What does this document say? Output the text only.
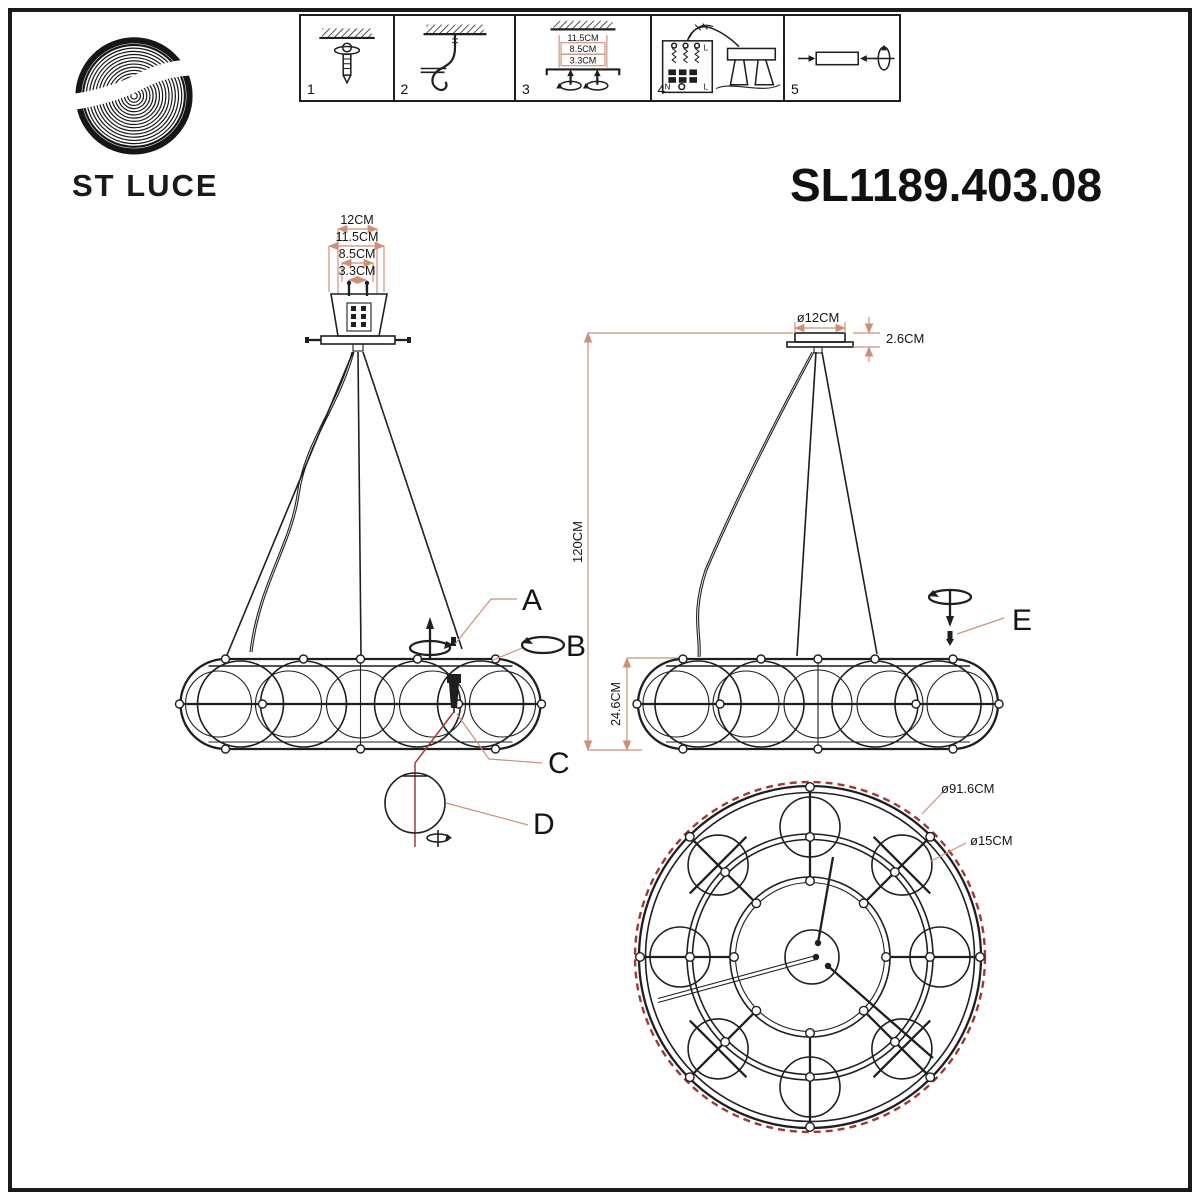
ST LUCE	SL1189.403.08
1	2
11.5CM
8.5CM
3.3CM
3
L
N	L
4	5
12CM
11.5CM
8.5CM
3.3CM
A
B
C
D
ø12CM
2.6CM
120CM
24.6CM
E
ø91.6CM
ø15CM
